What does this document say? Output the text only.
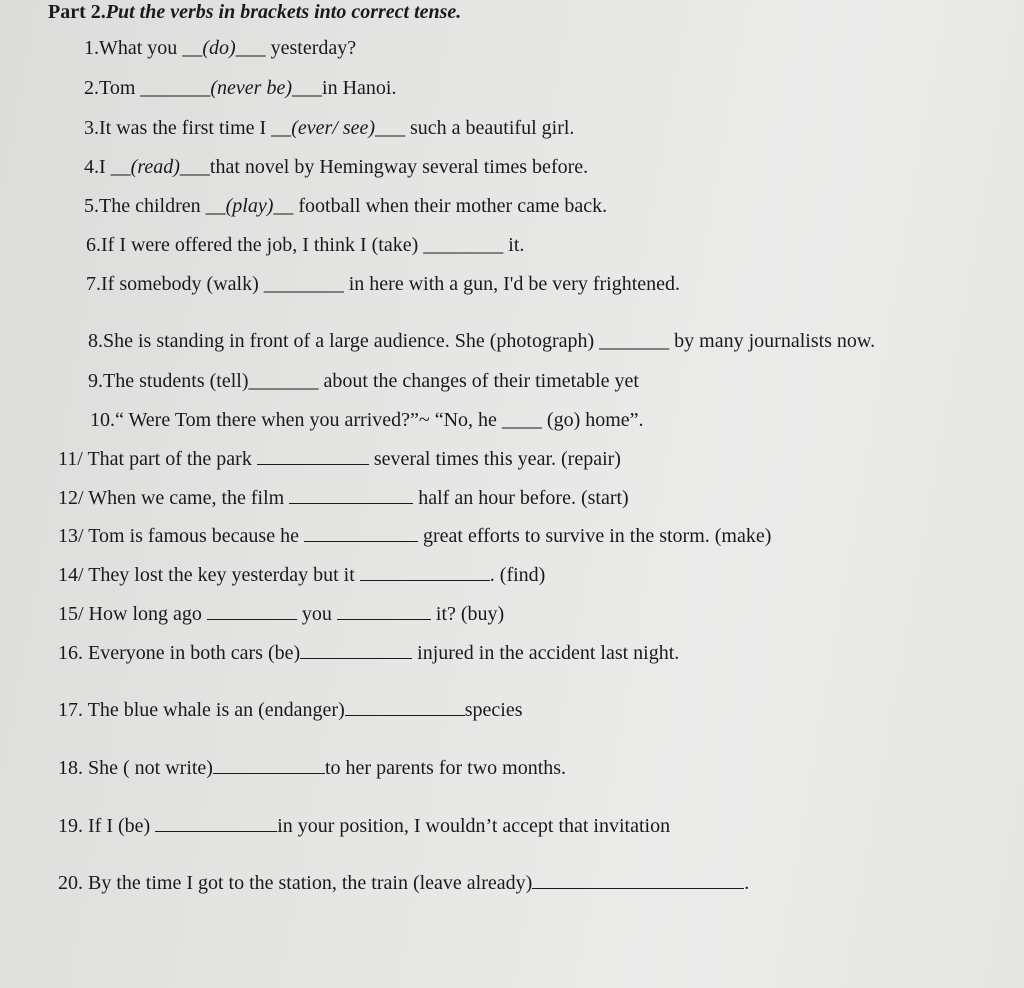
Part 2.Put the verbs in brackets into correct tense.
1.What you __(do)___ yesterday?
2.Tom _______(never be)___in Hanoi.
3.It was the first time I __(ever/ see)___ such a beautiful girl.
4.I __(read)___that novel by Hemingway several times before.
5.The children __(play)__ football when their mother came back.
6.If I were offered the job, I think I (take) ________ it.
7.If somebody (walk) ________ in here with a gun, I'd be very frightened.
8.She is standing in front of a large audience. She (photograph) _______ by many journalists now.
9.The students (tell)_______ about the changes of their timetable yet
10.“ Were Tom there when you arrived?”~ “No, he ____ (go) home”.
11/ That part of the park	several times this year. (repair)
12/ When we came, the film	half an hour before. (start)
13/ Tom is famous because he	great efforts to survive in the storm. (make)
14/ They lost the key yesterday but it	. (find)
15/ How long ago	you	it? (buy)
16. Everyone in both cars (be)	injured in the accident last night.
17. The blue whale is an (endanger)	species
18. She ( not write)	to her parents for two months.
19. If I (be)	in your position, I wouldn’t accept that invitation
20. By the time I got to the station, the train (leave already)	.
